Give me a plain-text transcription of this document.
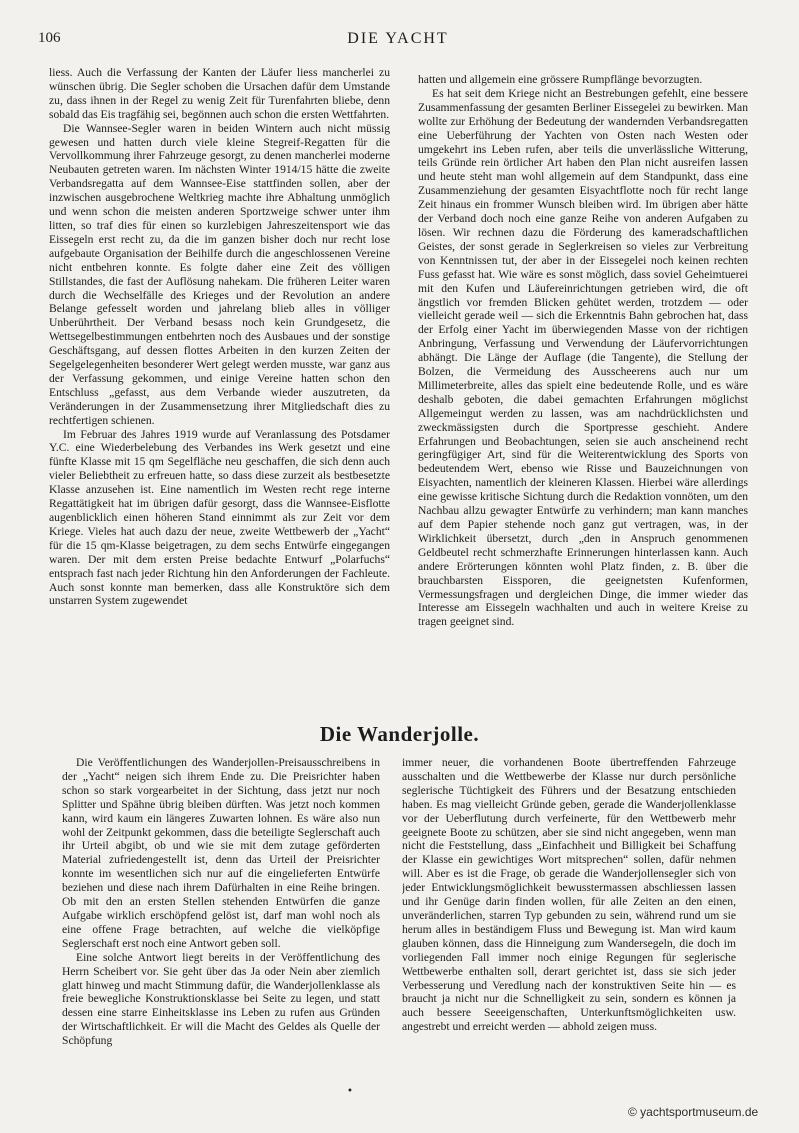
106	DIE YACHT

liess. Auch die Verfassung der Kanten der Läufer liess mancherlei zu wünschen übrig. Die Segler schoben die Ursachen dafür dem Umstande zu, dass ihnen in der Regel zu wenig Zeit für Turenfahrten bliebe, denn sobald das Eis tragfähig sei, begönnen auch schon die ersten Wettfahrten.

Die Wannsee-Segler waren in beiden Wintern auch nicht müssig gewesen und hatten durch viele kleine Stegreif-Regatten für die Vervollkommung ihrer Fahrzeuge gesorgt, zu denen mancherlei moderne Neubauten getreten waren. Im nächsten Winter 1914/15 hätte die zweite Verbandsregatta auf dem Wannsee-Eise stattfinden sollen, aber der inzwischen ausgebrochene Weltkrieg machte ihre Abhaltung unmöglich und wenn schon die meisten anderen Sportzweige schwer unter ihm litten, so traf dies für einen so kurzlebigen Jahreszeitensport wie das Eissegeln erst recht zu, da die im ganzen bisher doch nur recht lose aufgebaute Organisation der Beihilfe durch die angeschlossenen Vereine nicht entbehren konnte. Es folgte daher eine Zeit des völligen Stillstandes, die fast der Auflösung nahekam. Die früheren Leiter waren durch die Wechselfälle des Krieges und der Revolution an andere Belange gefesselt worden und jahrelang blieb alles in völliger Unberührtheit. Der Verband besass noch kein Grundgesetz, die Wettsegelbestimmungen entbehrten noch des Ausbaues und der sonstige Geschäftsgang, auf dessen flottes Arbeiten in den kurzen Zeiten der Segelgelegenheiten besonderer Wert gelegt werden musste, war ganz aus der Verfassung gekommen, und einige Vereine hatten schon den Entschluss „gefasst, aus dem Verbande wieder auszutreten, da Veränderungen in der Zusammensetzung ihrer Mitgliedschaft dies zu rechtfertigen schienen.

Im Februar des Jahres 1919 wurde auf Veranlassung des Potsdamer Y.C. eine Wiederbelebung des Verbandes ins Werk gesetzt und eine fünfte Klasse mit 15 qm Segelfläche neu geschaffen, die sich denn auch vieler Beliebtheit zu erfreuen hatte, so dass diese zurzeit als bestbesetzte Klasse anzusehen ist. Eine namentlich im Westen recht rege interne Regattätigkeit hat im übrigen dafür gesorgt, dass die Wannsee-Eisflotte augenblicklich einen höheren Stand einnimmt als zur Zeit vor dem Kriege. Vieles hat auch dazu der neue, zweite Wettbewerb der „Yacht“ für die 15 qm-Klasse beigetragen, zu dem sechs Entwürfe eingegangen waren. Der mit dem ersten Preise bedachte Entwurf „Polarfuchs“ entsprach fast nach jeder Richtung hin den Anforderungen der Fachleute. Auch sonst konnte man bemerken, dass alle Konstruktöre sich dem unstarren System zugewendet

hatten und allgemein eine grössere Rumpflänge bevorzugten.

Es hat seit dem Kriege nicht an Bestrebungen gefehlt, eine bessere Zusammenfassung der gesamten Berliner Eissegelei zu bewirken. Man wollte zur Erhöhung der Bedeutung der wandernden Verbandsregatten eine Ueberführung der Yachten von Osten nach Westen oder umgekehrt ins Leben rufen, aber teils die unverlässliche Witterung, teils Gründe rein örtlicher Art haben den Plan nicht ausreifen lassen und heute steht man wohl allgemein auf dem Standpunkt, dass eine Zusammenziehung der gesamten Eisyachtflotte noch für recht lange Zeit hinaus ein frommer Wunsch bleiben wird. Im übrigen aber hätte der Verband doch noch eine ganze Reihe von anderen Aufgaben zu lösen. Wir rechnen dazu die Förderung des kameradschaftlichen Geistes, der sonst gerade in Seglerkreisen so vieles zur Verbreitung von Kenntnissen tut, der aber in der Eissegelei noch keinen rechten Fuss gefasst hat. Wie wäre es sonst möglich, dass soviel Geheimtuerei mit den Kufen und Läufereinrichtungen getrieben wird, die oft ängstlich vor fremden Blicken gehütet werden, trotzdem — oder vielleicht gerade weil — sich die Erkenntnis Bahn gebrochen hat, dass der Erfolg einer Yacht im überwiegenden Masse von der richtigen Anbringung, Verfassung und Verwendung der Läufervorrichtungen abhängt. Die Länge der Auflage (die Tangente), die Stellung der Bolzen, die Vermeidung des Ausscheerens auch nur um Millimeterbreite, alles das spielt eine bedeutende Rolle, und es wäre deshalb geboten, die dabei gemachten Erfahrungen möglichst Allgemeingut werden zu lassen, was am nachdrücklichsten und zweckmässigsten durch die Sportpresse geschieht. Andere Erfahrungen und Beobachtungen, seien sie auch anscheinend recht geringfügiger Art, sind für die Weiterentwicklung des Sports von bedeutendem Wert, ebenso wie Risse und Bauzeichnungen von Eisyachten, namentlich der kleineren Klassen. Hierbei wäre allerdings eine gewisse kritische Sichtung durch die Redaktion vonnöten, um den Nachbau allzu gewagter Entwürfe zu verhindern; man kann manches auf dem Papier stehende noch ganz gut vertragen, was, in der Wirklichkeit übersetzt, durch „den in Anspruch genommenen Geldbeutel recht schmerzhafte Erinnerungen hinterlassen kann. Auch andere Erörterungen könnten wohl Platz finden, z. B. über die brauchbarsten Eissporen, die geeignetsten Kufenformen, Vermessungsfragen und dergleichen Dinge, die immer wieder das Interesse am Eissegeln wachhalten und auch in weitere Kreise zu tragen geeignet sind.

Die Wanderjolle.

Die Veröffentlichungen des Wanderjollen-Preisausschreibens in der „Yacht“ neigen sich ihrem Ende zu. Die Preisrichter haben schon so stark vorgearbeitet in der Sichtung, dass jetzt nur noch Splitter und Spähne übrig bleiben dürften. Was jetzt noch kommen kann, wird kaum ein längeres Zuwarten lohnen. Es wäre also nun wohl der Zeitpunkt gekommen, dass die beteiligte Seglerschaft auch ihr Urteil abgibt, ob und wie sie mit dem zutage geförderten Material zufriedengestellt ist, denn das Urteil der Preisrichter konnte im wesentlichen sich nur auf die eingelieferten Entwürfe beziehen und diese nach ihrem Dafürhalten in eine Reihe bringen. Ob mit den an ersten Stellen stehenden Entwürfen die ganze Aufgabe wirklich erschöpfend gelöst ist, darf man wohl noch als eine offene Frage betrachten, auf welche die vielköpfige Seglerschaft erst noch eine Antwort geben soll.

Eine solche Antwort liegt bereits in der Veröffentlichung des Herrn Scheibert vor. Sie geht über das Ja oder Nein aber ziemlich glatt hinweg und macht Stimmung dafür, die Wanderjollenklasse als freie bewegliche Konstruktionsklasse bei Seite zu legen, und statt dessen eine starre Einheitsklasse ins Leben zu rufen aus Gründen der Wirtschaftlichkeit. Er will die Macht des Geldes als Quelle der Schöpfung

immer neuer, die vorhandenen Boote übertreffenden Fahrzeuge ausschalten und die Wettbewerbe der Klasse nur durch persönliche seglerische Tüchtigkeit des Führers und der Besatzung entschieden haben. Es mag vielleicht Gründe geben, gerade die Wanderjollenklasse vor der Ueberflutung durch verfeinerte, für den Wettbewerb mehr geeignete Boote zu schützen, aber sie sind nicht angegeben, wenn man nicht die Feststellung, dass „Einfachheit und Billigkeit bei Schaffung der Klasse ein gewichtiges Wort mitsprechen“ sollen, dafür nehmen will. Aber es ist die Frage, ob gerade die Wanderjollensegler sich von jeder Entwicklungsmöglichkeit bewusstermassen abschliessen lassen und ihr Genüge darin finden wollen, für alle Zeiten an den einen, unveränderlichen, starren Typ gebunden zu sein, während rund um sie herum alles in beständigem Fluss und Bewegung ist. Man wird kaum glauben können, dass die Hinneigung zum Wandersegeln, die doch im vorliegenden Fall immer noch einige Regungen für seglerische Wettbewerbe enthalten soll, derart gerichtet ist, dass sie sich jeder Verbesserung und Veredlung nach der konstruktiven Seite hin — es braucht ja nicht nur die Schnelligkeit zu sein, sondern es können ja auch bessere Seeeigenschaften, Unterkunftsmöglichkeiten usw. angestrebt und erreicht werden — abhold zeigen muss.

•
© yachtsportmuseum.de
